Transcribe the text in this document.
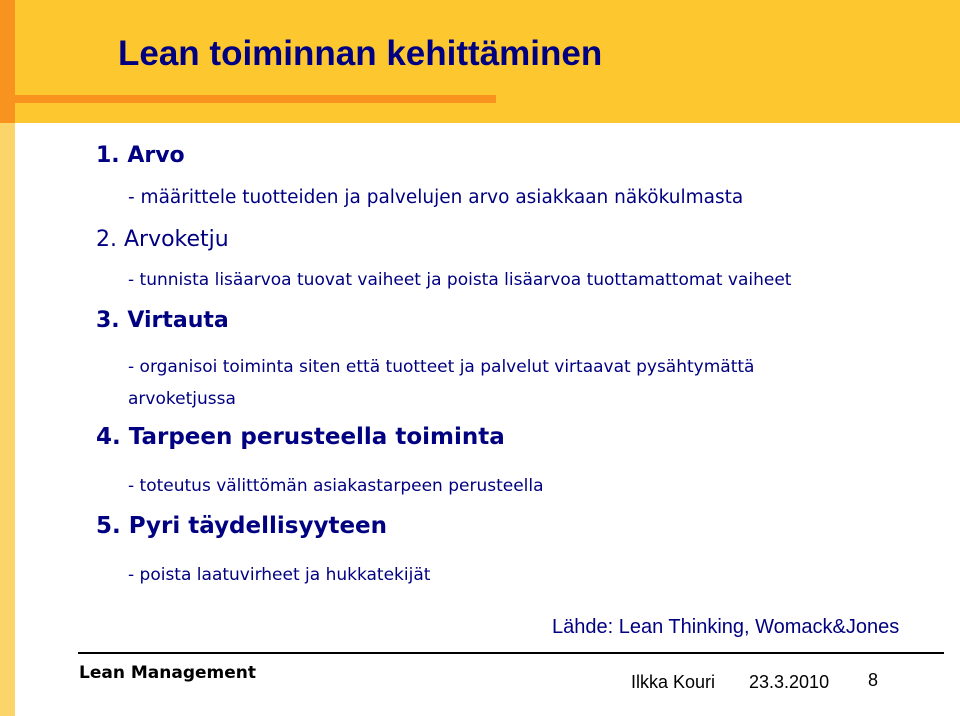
Lean toiminnan kehittäminen

1. Arvo

- määrittele tuotteiden ja palvelujen arvo asiakkaan näkökulmasta

2. Arvoketju

- tunnista lisäarvoa tuovat vaiheet ja poista lisäarvoa tuottamattomat vaiheet

3. Virtauta

- organisoi toiminta siten että tuotteet ja palvelut virtaavat pysähtymättä

arvoketjussa

4. Tarpeen perusteella toiminta

- toteutus välittömän asiakastarpeen perusteella

5. Pyri täydellisyyteen

- poista laatuvirheet ja hukkatekijät

Lähde: Lean Thinking, Womack&Jones

Lean Management	Ilkka Kouri 23.3.2010 8
